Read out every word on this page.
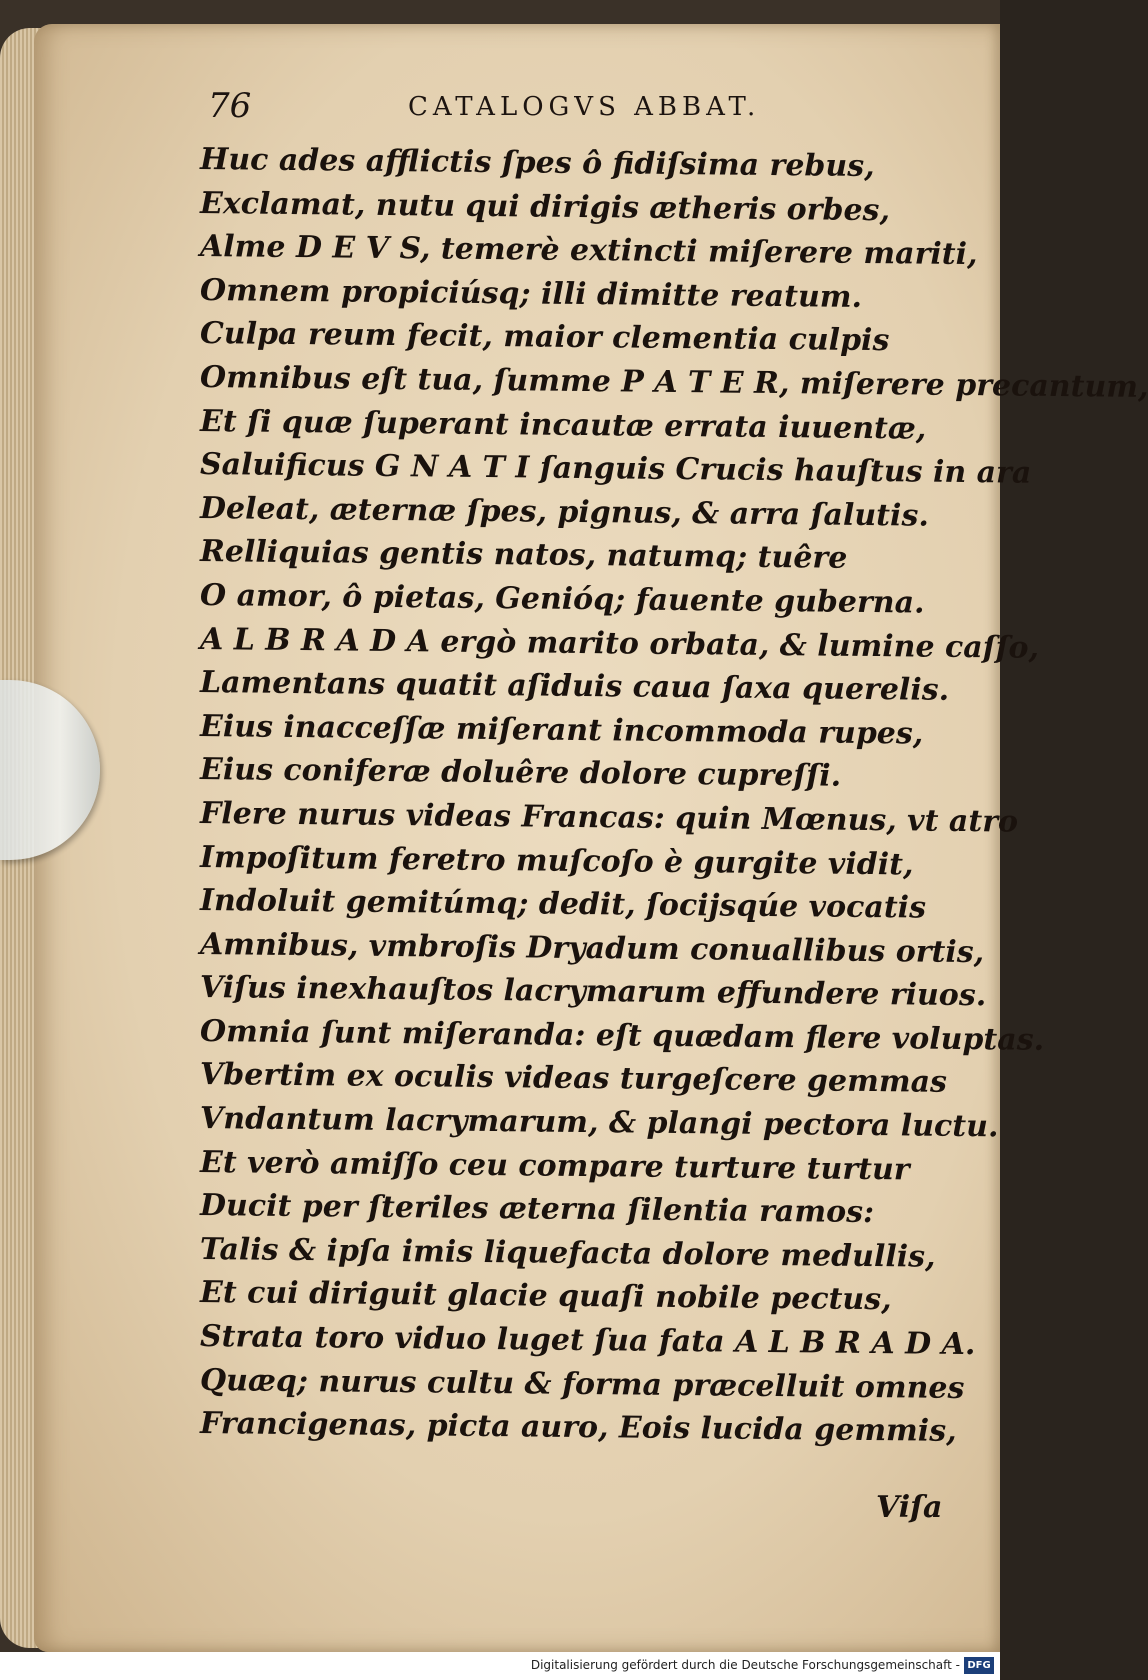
76	CATALOGVS ABBAT.
Huc ades afflictis ſpes ô fidiſsima rebus,
Exclamat, nutu qui dirigis ætheris orbes,
Alme D E V S, temerè extincti miſerere mariti,
Omnem propiciúsq; illi dimitte reatum.
Culpa reum fecit, maior clementia culpis
Omnibus eſt tua, ſumme P A T E R, miſerere precantum,
Et ſi quæ ſuperant incautæ errata iuuentæ,
Saluificus G N A T I ſanguis Crucis hauſtus in ara
Deleat, æternæ ſpes, pignus, & arra ſalutis.
Relliquias gentis natos, natumq; tuêre
O amor, ô pietas, Genióq; fauente guberna.
A L B R A D A ergò marito orbata, & lumine caſſo,
Lamentans quatit aſiduis caua ſaxa querelis.
Eius inacceſſæ miſerant incommoda rupes,
Eius coniferæ doluêre dolore cupreſſi.
Flere nurus videas Francas: quin Mœnus, vt atro
Impoſitum feretro muſcoſo è gurgite vidit,
Indoluit gemitúmq; dedit, ſocijsqúe vocatis
Amnibus, vmbroſis Dryadum conuallibus ortis,
Viſus inexhauſtos lacrymarum effundere riuos.
Omnia ſunt miſeranda: eſt quædam flere voluptas.
Vbertim ex oculis videas turgeſcere gemmas
Vndantum lacrymarum, & plangi pectora luctu.
Et verò amiſſo ceu compare turture turtur
Ducit per ſteriles æterna ſilentia ramos:
Talis & ipſa imis liquefacta dolore medullis,
Et cui diriguit glacie quaſi nobile pectus,
Strata toro viduo luget ſua fata A L B R A D A.
Quæq; nurus cultu & forma præcelluit omnes
Francigenas, picta auro, Eois lucida gemmis,
Viſa
Digitalisierung gefördert durch die Deutsche Forschungsgemeinschaft - DFG
